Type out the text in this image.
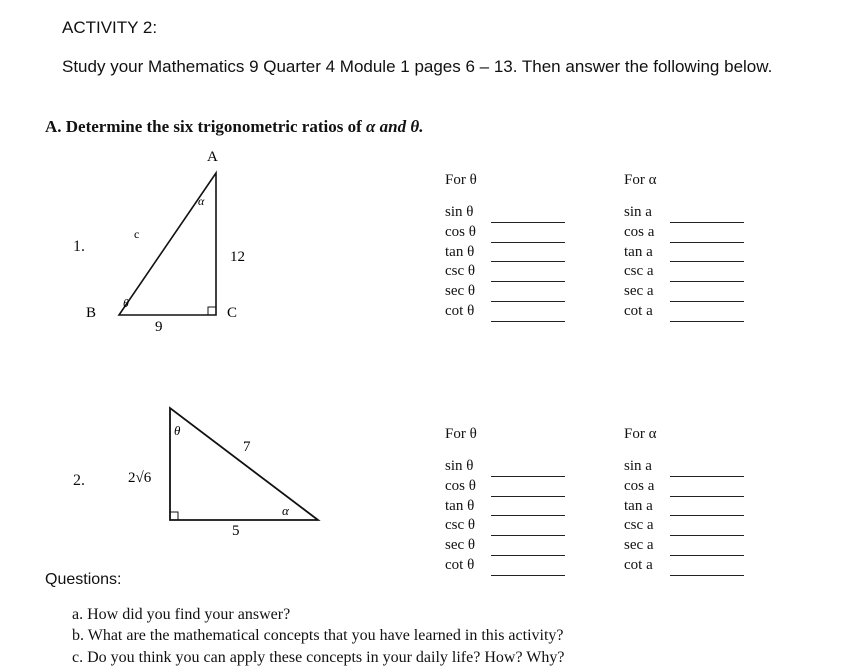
ACTIVITY 2:
Study your Mathematics 9 Quarter 4 Module 1 pages 6 – 13. Then answer the following below.
A. Determine the six trigonometric ratios of α and θ.
1.
A
B	C
c
12
9
α
θ
For θ
sin θ
cos θ
tan θ
csc θ
sec θ
cot θ
For α
sin a
cos a
tan a
csc a
sec a
cot a
2.	2√6
7
5
θ
α
For θ
sin θ
cos θ
tan θ
csc θ
sec θ
cot θ
For α
sin a
cos a
tan a
csc a
sec a
cot a
Questions:
a. How did you find your answer?
b. What are the mathematical concepts that you have learned in this activity?
c. Do you think you can apply these concepts in your daily life? How? Why?
